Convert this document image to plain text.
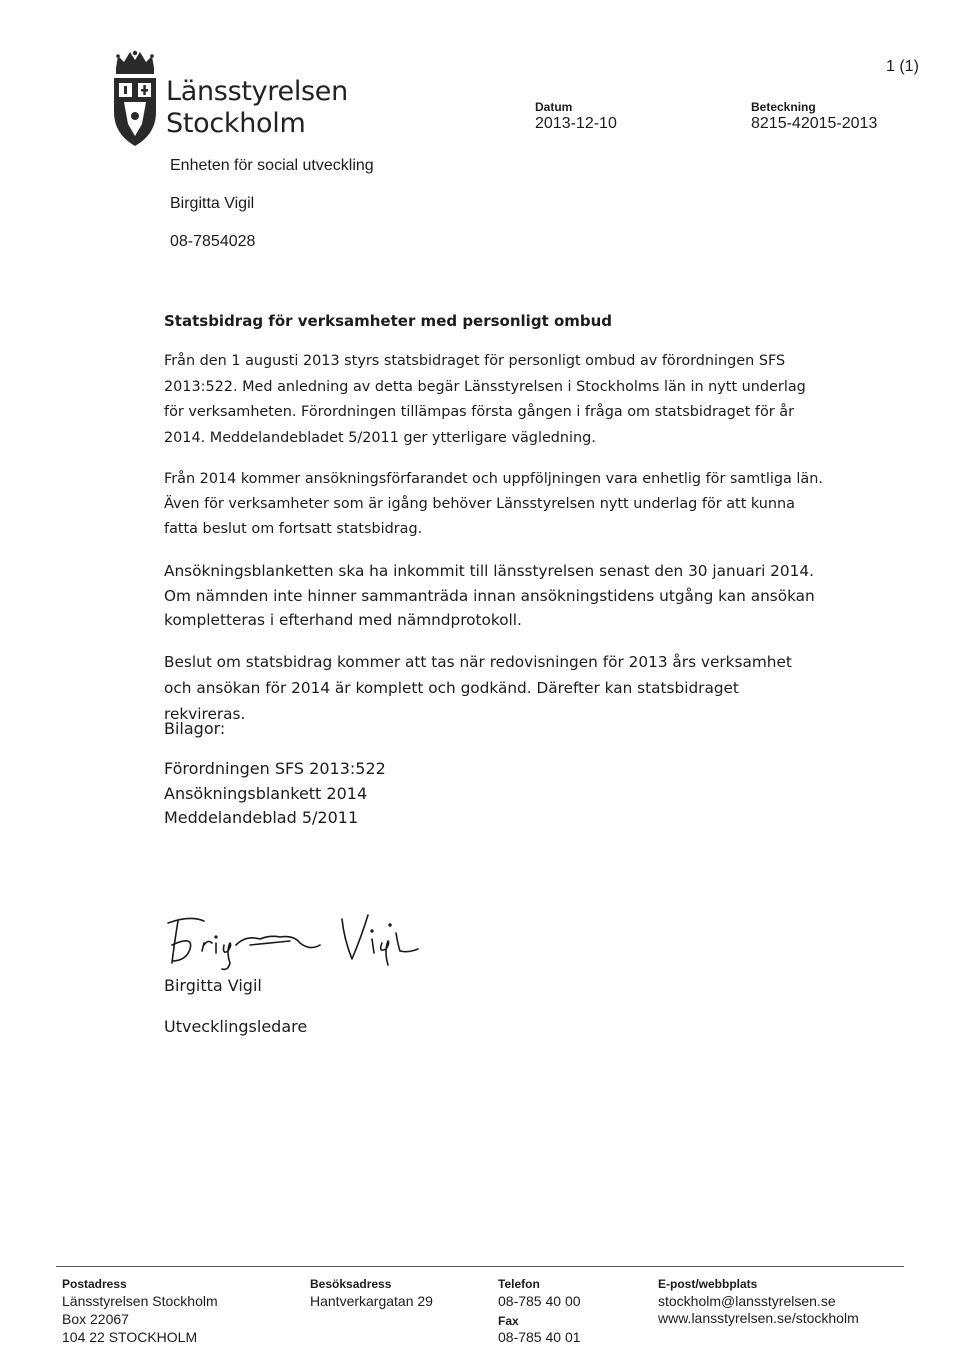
Länsstyrelsen
Stockholm
1 (1)
Datum
2013-12-10
Beteckning
8215-42015-2013
Enheten för social utveckling
Birgitta Vigil
08-7854028
Statsbidrag för verksamheter med personligt ombud

Från den 1 augusti 2013 styrs statsbidraget för personligt ombud av förordningen SFS 2013:522. Med anledning av detta begär Länsstyrelsen i Stockholms län in nytt underlag för verksamheten. Förordningen tillämpas första gången i fråga om statsbidraget för år 2014. Meddelandebladet 5/2011 ger ytterligare vägledning.

Från 2014 kommer ansökningsförfarandet och uppföljningen vara enhetlig för samtliga län. Även för verksamheter som är igång behöver Länsstyrelsen nytt underlag för att kunna fatta beslut om fortsatt statsbidrag.

Ansökningsblanketten ska ha inkommit till länsstyrelsen senast den 30 januari 2014. Om nämnden inte hinner sammanträda innan ansökningstidens utgång kan ansökan kompletteras i efterhand med nämndprotokoll.

Beslut om statsbidrag kommer att tas när redovisningen för 2013 års verksamhet och ansökan för 2014 är komplett och godkänd. Därefter kan statsbidraget rekvireras.

Bilagor:
Förordningen SFS 2013:522
Ansökningsblankett 2014
Meddelandeblad 5/2011
Birgitta Vigil
Utvecklingsledare
Postadress
Länsstyrelsen Stockholm
Box 22067
104 22 STOCKHOLM
Besöksadress
Hantverkargatan 29
Telefon
08-785 40 00
Fax
08-785 40 01
E-post/webbplats
stockholm@lansstyrelsen.se
www.lansstyrelsen.se/stockholm
